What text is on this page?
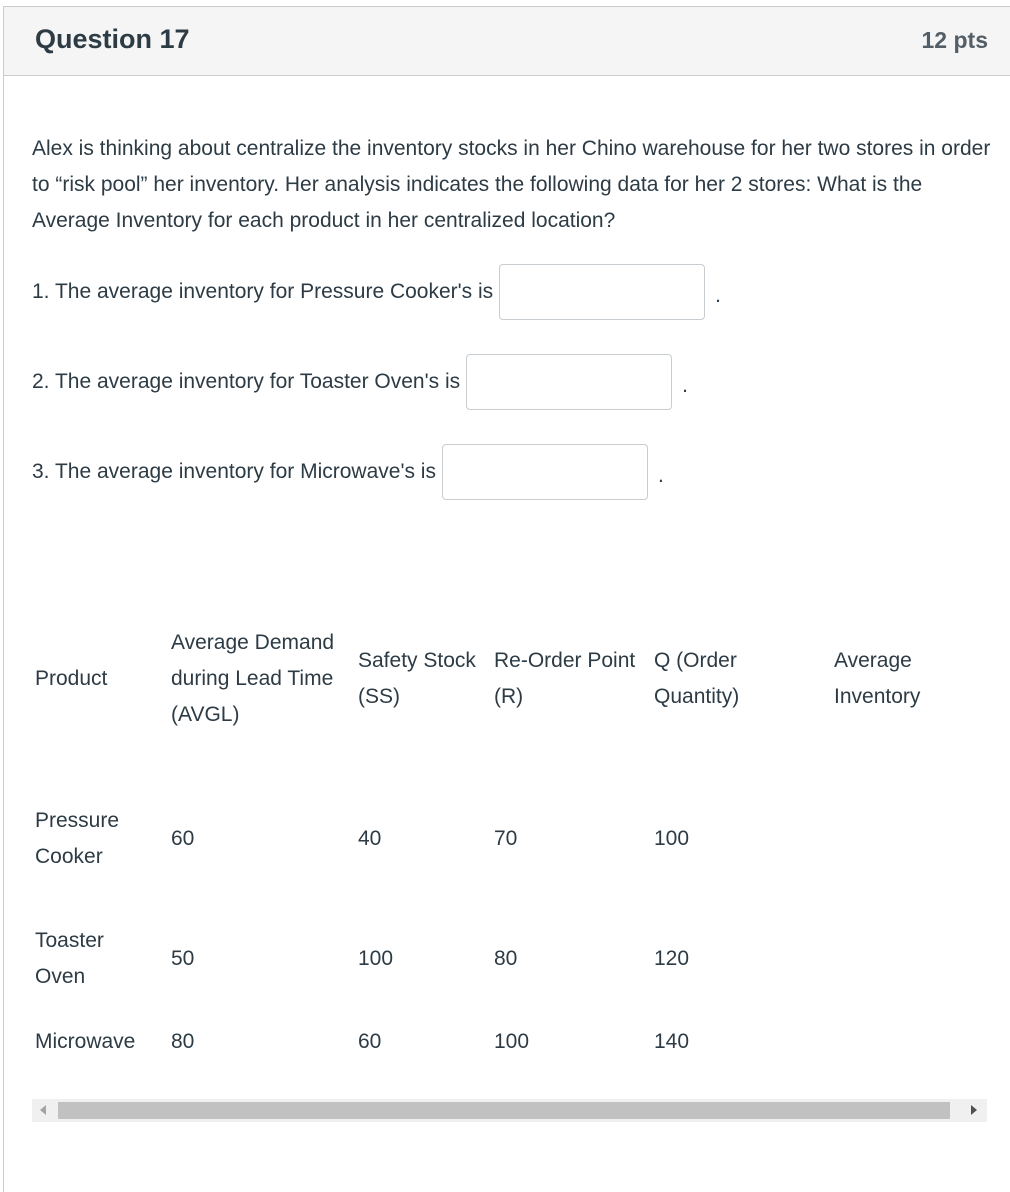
Question 17	12 pts
Alex is thinking about centralize the inventory stocks in her Chino warehouse for her two stores in order to “risk pool” her inventory. Her analysis indicates the following data for her 2 stores: What is the Average Inventory for each product in her centralized location?
1. The average inventory for Pressure Cooker's is	.
2. The average inventory for Toaster Oven's is	.
3. The average inventory for Microwave's is	.
Product	Average Demand during Lead Time (AVGL)	Safety Stock (SS)	Re-Order Point (R)	Q (Order Quantity)	Average Inventory

Pressure Cooker	60	40	70	100	

Toaster Oven	50	100	80	120	

Microwave	80	60	100	140	
